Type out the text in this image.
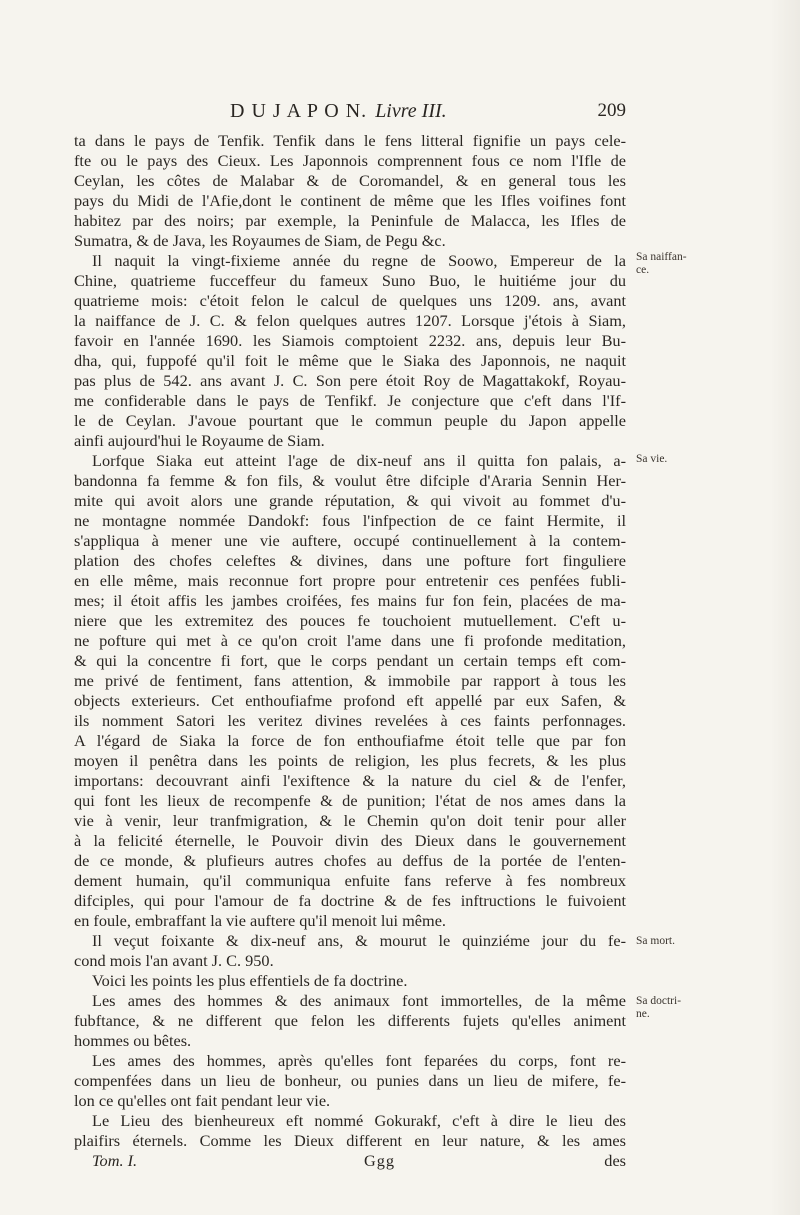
D U J A P O N. Livre III.	209
ta dans le pays de Tenfik. Tenfik dans le fens litteral fignifie un pays cele-
fte ou le pays des Cieux. Les Japonnois comprennent fous ce nom l'Ifle de
Ceylan, les côtes de Malabar & de Coromandel, & en general tous les
pays du Midi de l'Afie,dont le continent de même que les Ifles voifines font
habitez par des noirs; par exemple, la Peninfule de Malacca, les Ifles de
Sumatra, & de Java, les Royaumes de Siam, de Pegu &c.
Il naquit la vingt-fixieme année du regne de Soowo, Empereur de la
Chine, quatrieme fucceffeur du fameux Suno Buo, le huitiéme jour du
quatrieme mois: c'étoit felon le calcul de quelques uns 1209. ans, avant
la naiffance de J. C. & felon quelques autres 1207. Lorsque j'étois à Siam,
favoir en l'année 1690. les Siamois comptoient 2232. ans, depuis leur Bu-
dha, qui, fuppofé qu'il foit le même que le Siaka des Japonnois, ne naquit
pas plus de 542. ans avant J. C. Son pere étoit Roy de Magattakokf, Royau-
me confiderable dans le pays de Tenfikf. Je conjecture que c'eft dans l'If-
le de Ceylan. J'avoue pourtant que le commun peuple du Japon appelle
ainfi aujourd'hui le Royaume de Siam.
Lorfque Siaka eut atteint l'age de dix-neuf ans il quitta fon palais, a-
bandonna fa femme & fon fils, & voulut être difciple d'Araria Sennin Her-
mite qui avoit alors une grande réputation, & qui vivoit au fommet d'u-
ne montagne nommée Dandokf: fous l'infpection de ce faint Hermite, il
s'appliqua à mener une vie auftere, occupé continuellement à la contem-
plation des chofes celeftes & divines, dans une pofture fort finguliere
en elle même, mais reconnue fort propre pour entretenir ces penfées fubli-
mes; il étoit affis les jambes croifées, fes mains fur fon fein, placées de ma-
niere que les extremitez des pouces fe touchoient mutuellement. C'eft u-
ne pofture qui met à ce qu'on croit l'ame dans une fi profonde meditation,
& qui la concentre fi fort, que le corps pendant un certain temps eft com-
me privé de fentiment, fans attention, & immobile par rapport à tous les
objects exterieurs. Cet enthoufiafme profond eft appellé par eux Safen, &
ils nomment Satori les veritez divines revelées à ces faints perfonnages.
A l'égard de Siaka la force de fon enthoufiafme étoit telle que par fon
moyen il penêtra dans les points de religion, les plus fecrets, & les plus
importans: decouvrant ainfi l'exiftence & la nature du ciel & de l'enfer,
qui font les lieux de recompenfe & de punition; l'état de nos ames dans la
vie à venir, leur tranfmigration, & le Chemin qu'on doit tenir pour aller
à la felicité éternelle, le Pouvoir divin des Dieux dans le gouvernement
de ce monde, & plufieurs autres chofes au deffus de la portée de l'enten-
dement humain, qu'il communiqua enfuite fans referve à fes nombreux
difciples, qui pour l'amour de fa doctrine & de fes inftructions le fuivoient
en foule, embraffant la vie auftere qu'il menoit lui même.
Il veçut foixante & dix-neuf ans, & mourut le quinziéme jour du fe-
cond mois l'an avant J. C. 950.
Voici les points les plus effentiels de fa doctrine.
Les ames des hommes & des animaux font immortelles, de la même
fubftance, & ne different que felon les differents fujets qu'elles animent
hommes ou bêtes.
Les ames des hommes, après qu'elles font feparées du corps, font re-
compenfées dans un lieu de bonheur, ou punies dans un lieu de mifere, fe-
lon ce qu'elles ont fait pendant leur vie.
Le Lieu des bienheureux eft nommé Gokurakf, c'eft à dire le lieu des
plaifirs éternels. Comme les Dieux different en leur nature, & les ames
Tom. I.	Ggg	des
Sa naiffan-
ce.
Sa vie.
Sa mort.
Sa doctri-
ne.
